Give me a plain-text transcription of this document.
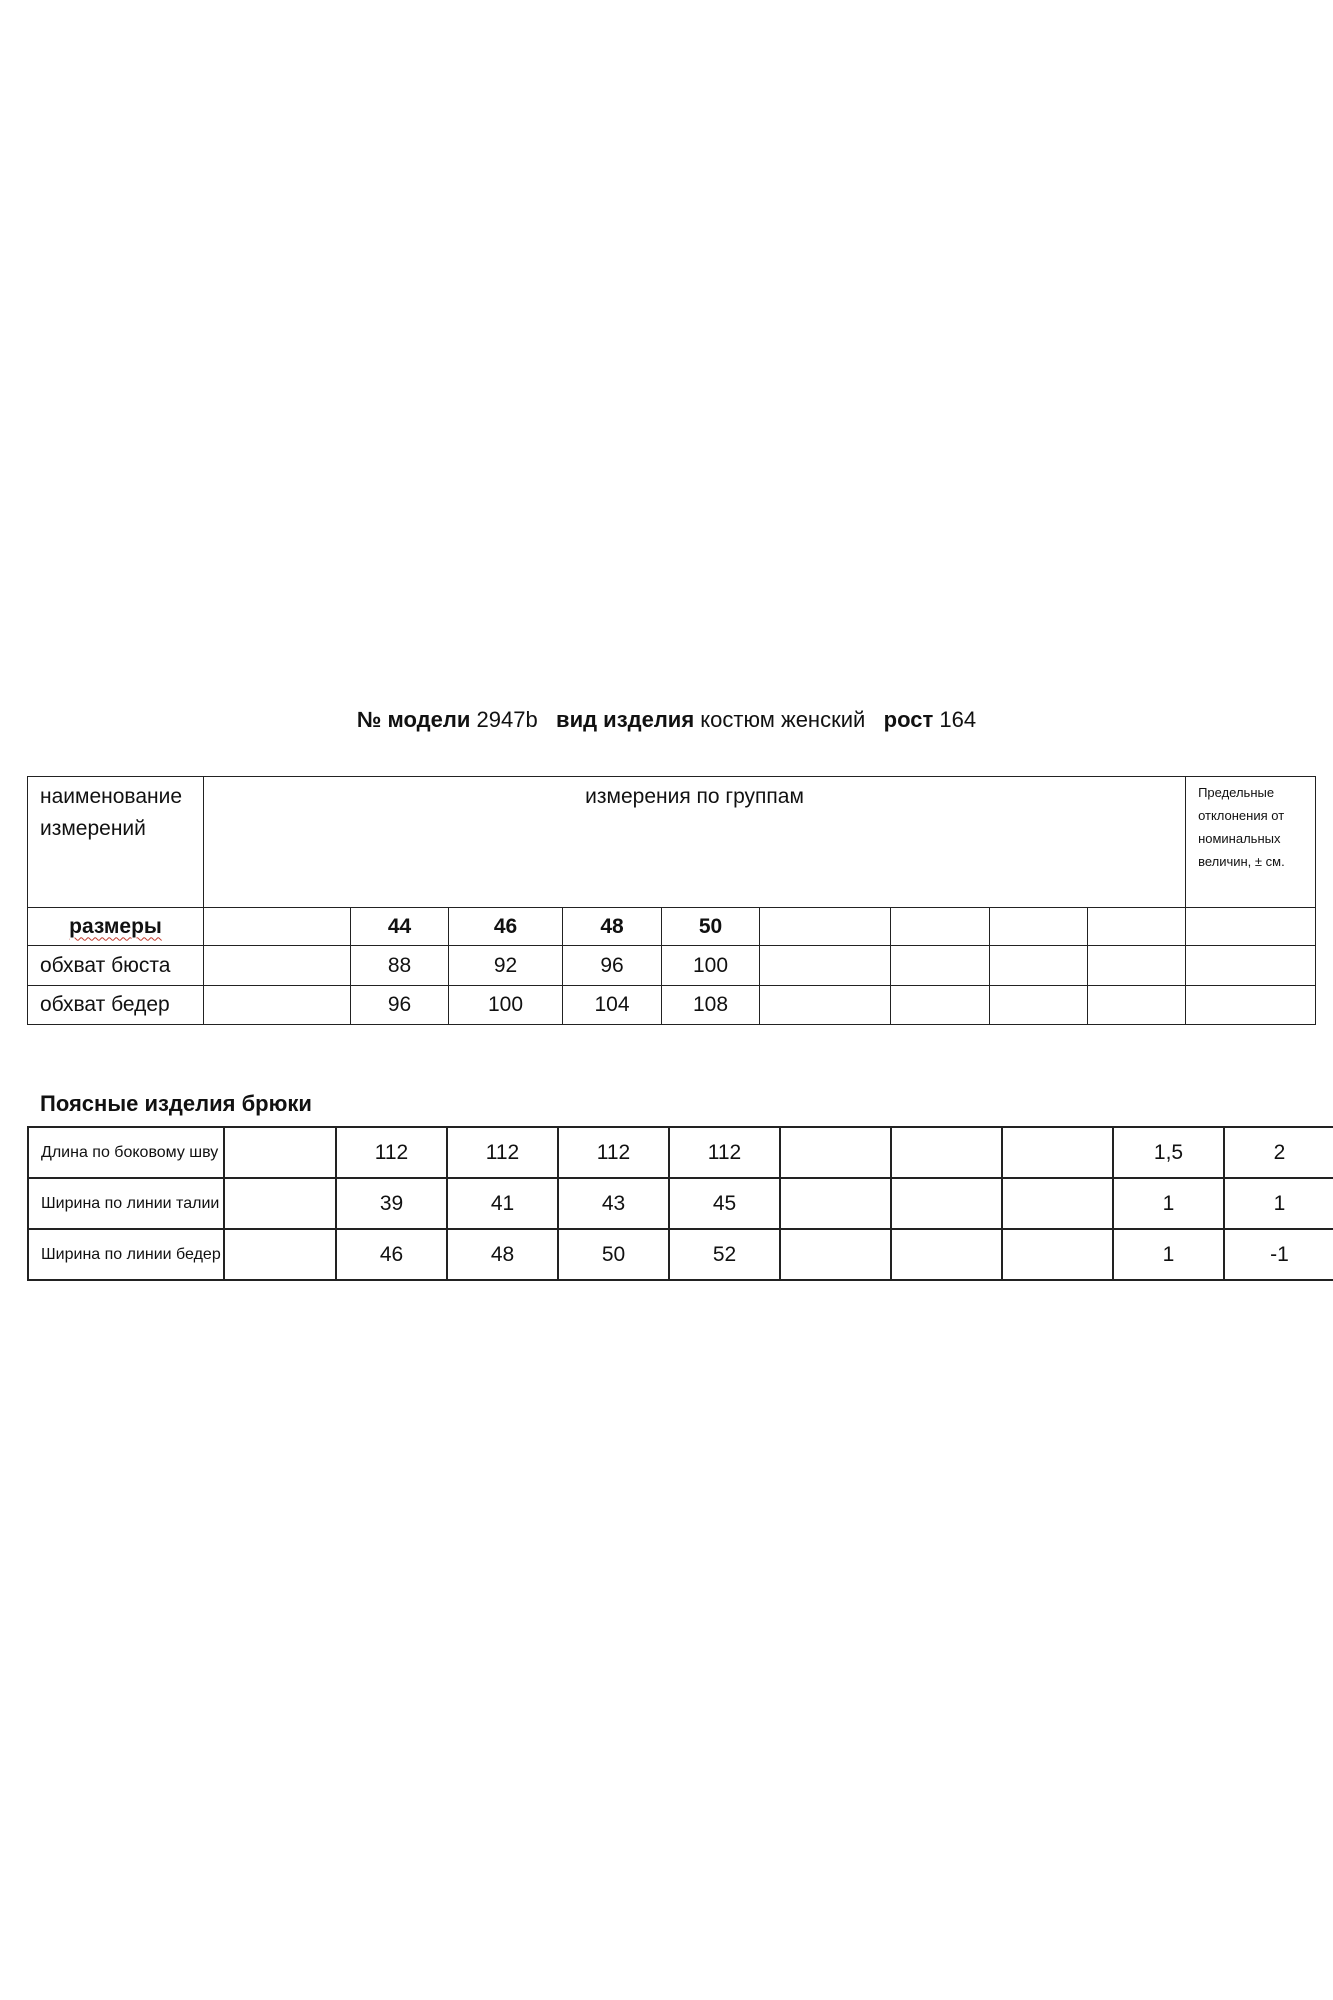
№ модели 2947b вид изделия костюм женский рост 164
наименование измерений	измерения по группам									Предельные отклонения от номинальных величин, ± см.
размеры		44	46	48	50					
обхват бюста		88	92	96	100					
обхват бедер		96	100	104	108					
Поясные изделия брюки
Длина по боковому шву		112	112	112	112				1,5	2
Ширина по линии талии		39	41	43	45				1	1
Ширина по линии бедер		46	48	50	52				1	-1
